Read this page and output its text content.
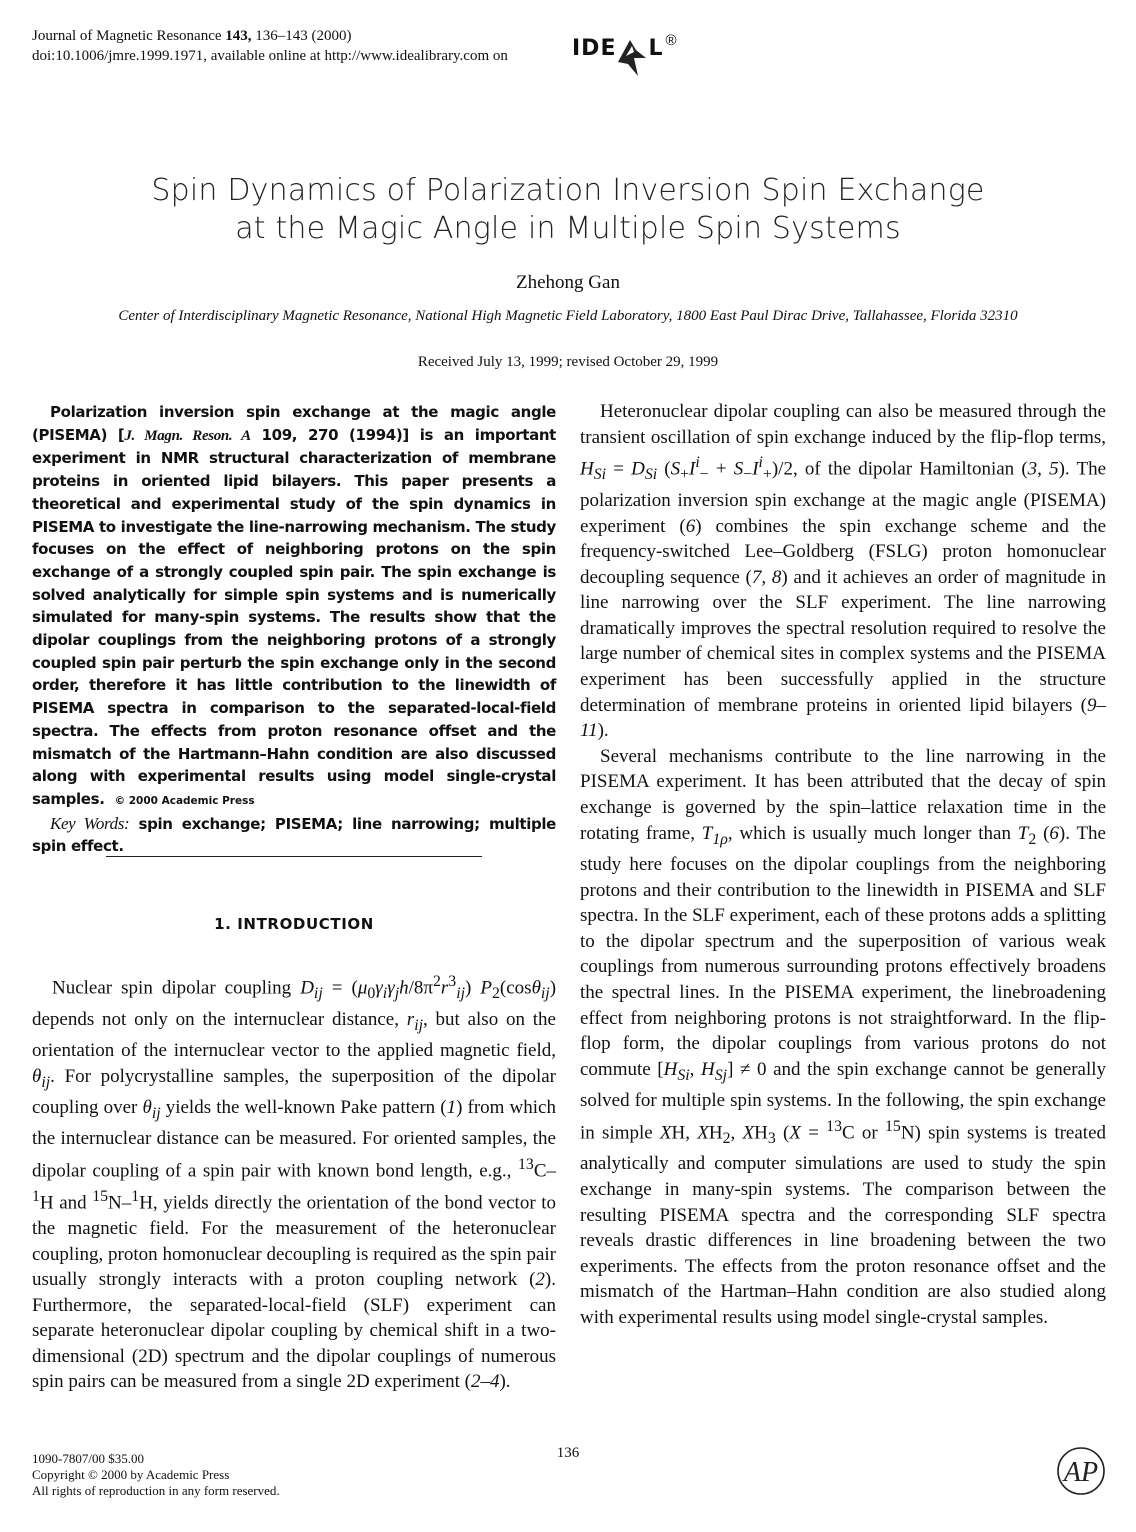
Journal of Magnetic Resonance 143, 136–143 (2000)
doi:10.1006/jmre.1999.1971, available online at http://www.idealibrary.com on	IDE L ®
Spin Dynamics of Polarization Inversion Spin Exchange
at the Magic Angle in Multiple Spin Systems
Zhehong Gan
Center of Interdisciplinary Magnetic Resonance, National High Magnetic Field Laboratory, 1800 East Paul Dirac Drive, Tallahassee, Florida 32310
Received July 13, 1999; revised October 29, 1999

Polarization inversion spin exchange at the magic angle (PISEMA) [J. Magn. Reson. A 109, 270 (1994)] is an important experiment in NMR structural characterization of membrane proteins in oriented lipid bilayers. This paper presents a theoretical and experimental study of the spin dynamics in PISEMA to investigate the line-narrowing mechanism. The study focuses on the effect of neighboring protons on the spin exchange of a strongly coupled spin pair. The spin exchange is solved analytically for simple spin systems and is numerically simulated for many-spin systems. The results show that the dipolar couplings from the neighboring protons of a strongly coupled spin pair perturb the spin exchange only in the second order, therefore it has little contribution to the linewidth of PISEMA spectra in comparison to the separated-local-field spectra. The effects from proton resonance offset and the mismatch of the Hartmann–Hahn condition are also discussed along with experimental results using model single-crystal samples. © 2000 Academic Press

Key Words: spin exchange; PISEMA; line narrowing; multiple spin effect.

1. INTRODUCTION

Nuclear spin dipolar coupling $D_{ij} = (\mu_0\gamma_i\gamma_jh/8\pi^2r^3_{ij})$ $P_2(\cos\theta_{ij})$ depends not only on the internuclear distance, $r_{ij}$, but also on the orientation of the internuclear vector to the applied magnetic field, $\theta_{ij}$. For polycrystalline samples, the superposition of the dipolar coupling over $\theta_{ij}$ yields the well-known Pake pattern (1) from which the internuclear distance can be measured. For oriented samples, the dipolar coupling of a spin pair with known bond length, e.g., $^{13}$C–$^1$H and $^{15}$N–$^1$H, yields directly the orientation of the bond vector to the magnetic field. For the measurement of the heteronuclear coupling, proton homonuclear decoupling is required as the spin pair usually strongly interacts with a proton coupling network (2). Furthermore, the separated-local-field (SLF) experiment can separate heteronuclear dipolar coupling by chemical shift in a two-dimensional (2D) spectrum and the dipolar couplings of numerous spin pairs can be measured from a single 2D experiment (2–4).

Heteronuclear dipolar coupling can also be measured through the transient oscillation of spin exchange induced by the flip-flop terms, $H_{Si} = D_{Si}$ $(S_+I^i_- + S_-I^i_+)/2$, of the dipolar Hamiltonian (3, 5). The polarization inversion spin exchange at the magic angle (PISEMA) experiment (6) combines the spin exchange scheme and the frequency-switched Lee–Goldberg (FSLG) proton homonuclear decoupling sequence (7, 8) and it achieves an order of magnitude in line narrowing over the SLF experiment. The line narrowing dramatically improves the spectral resolution required to resolve the large number of chemical sites in complex systems and the PISEMA experiment has been successfully applied in the structure determination of membrane proteins in oriented lipid bilayers (9–11).

Several mechanisms contribute to the line narrowing in the PISEMA experiment. It has been attributed that the decay of spin exchange is governed by the spin–lattice relaxation time in the rotating frame, $T_{1\rho}$, which is usually much longer than $T_2$ (6). The study here focuses on the dipolar couplings from the neighboring protons and their contribution to the linewidth in PISEMA and SLF spectra. In the SLF experiment, each of these protons adds a splitting to the dipolar spectrum and the superposition of various weak couplings from numerous surrounding protons effectively broadens the spectral lines. In the PISEMA experiment, the linebroadening effect from neighboring protons is not straightforward. In the flip-flop form, the dipolar couplings from various protons do not commute [$H_{Si}$, $H_{Sj}] \ne 0$ and the spin exchange cannot be generally solved for multiple spin systems. In the following, the spin exchange in simple XH, $XH_2$, $XH_3$ (X = $^{13}$C or $^{15}$N) spin systems is treated analytically and computer simulations are used to study the spin exchange in many-spin systems. The comparison between the resulting PISEMA spectra and the corresponding SLF spectra reveals drastic differences in line broadening between the two experiments. The effects from the proton resonance offset and the mismatch of the Hartman–Hahn condition are also studied along with experimental results using model single-crystal samples.

1090-7807/00 $35.00
Copyright © 2000 by Academic Press
All rights of reproduction in any form reserved.
136
AP
